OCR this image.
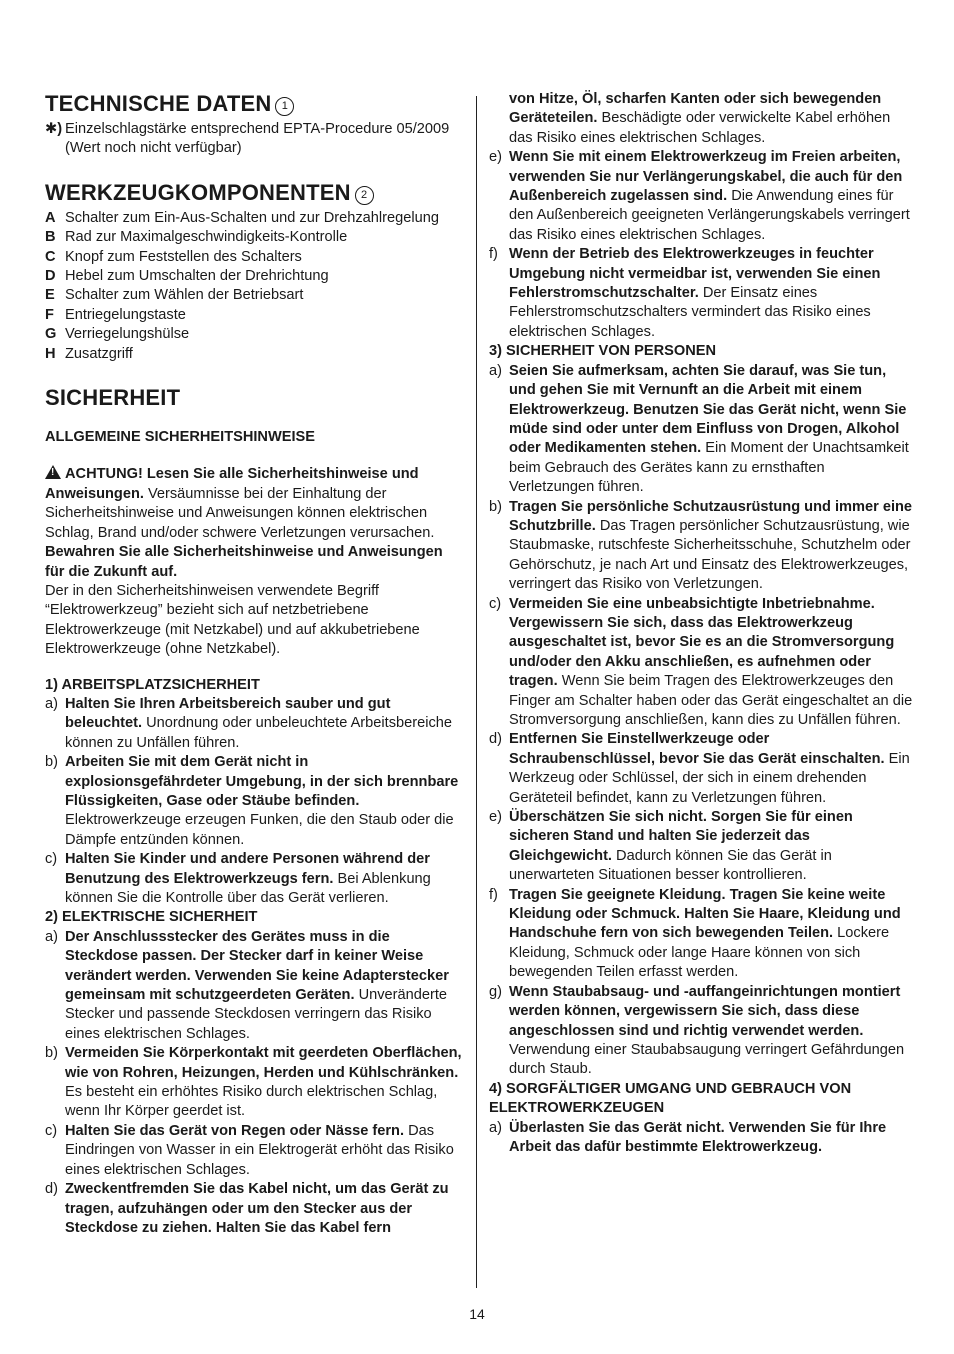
TECHNISCHE DATEN 1
✱) Einzelschlagstärke entsprechend EPTA-Procedure 05/2009 (Wert noch nicht verfügbar)
WERKZEUGKOMPONENTEN 2
A Schalter zum Ein-Aus-Schalten und zur Drehzahlregelung
B Rad zur Maximalgeschwindigkeits-Kontrolle
C Knopf zum Feststellen des Schalters
D Hebel zum Umschalten der Drehrichtung
E Schalter zum Wählen der Betriebsart
F Entriegelungstaste
G Verriegelungshülse
H Zusatzgriff
SICHERHEIT

ALLGEMEINE SICHERHEITSHINWEISE

!ACHTUNG! Lesen Sie alle Sicherheitshinweise und Anweisungen. Versäumnisse bei der Einhaltung der Sicherheitshinweise und Anweisungen können elektrischen Schlag, Brand und/oder schwere Verletzungen verursachen. Bewahren Sie alle Sicherheitshinweise und Anweisungen für die Zukunft auf.

Der in den Sicherheitshinweisen verwendete Begriff “Elektrowerkzeug” bezieht sich auf netzbetriebene Elektrowerkzeuge (mit Netzkabel) und auf akkubetriebene Elektrowerkzeuge (ohne Netzkabel).

1) ARBEITSPLATZSICHERHEIT

a) Halten Sie Ihren Arbeitsbereich sauber und gut beleuchtet. Unordnung oder unbeleuchtete Arbeitsbereiche können zu Unfällen führen.
b) Arbeiten Sie mit dem Gerät nicht in explosionsgefährdeter Umgebung, in der sich brennbare Flüssigkeiten, Gase oder Stäube befinden. Elektrowerkzeuge erzeugen Funken, die den Staub oder die Dämpfe entzünden können.
c) Halten Sie Kinder und andere Personen während der Benutzung des Elektrowerkzeugs fern. Bei Ablenkung können Sie die Kontrolle über das Gerät verlieren.

2) ELEKTRISCHE SICHERHEIT

a) Der Anschlussstecker des Gerätes muss in die Steckdose passen. Der Stecker darf in keiner Weise verändert werden. Verwenden Sie keine Adapterstecker gemeinsam mit schutzgeerdeten Geräten. Unveränderte Stecker und passende Steckdosen verringern das Risiko eines elektrischen Schlages.
b) Vermeiden Sie Körperkontakt mit geerdeten Oberflächen, wie von Rohren, Heizungen, Herden und Kühlschränken. Es besteht ein erhöhtes Risiko durch elektrischen Schlag, wenn Ihr Körper geerdet ist.
c) Halten Sie das Gerät von Regen oder Nässe fern. Das Eindringen von Wasser in ein Elektrogerät erhöht das Risiko eines elektrischen Schlages.
d) Zweckentfremden Sie das Kabel nicht, um das Gerät zu tragen, aufzuhängen oder um den Stecker aus der Steckdose zu ziehen. Halten Sie das Kabel fern
von Hitze, Öl, scharfen Kanten oder sich bewegenden Geräteteilen. Beschädigte oder verwickelte Kabel erhöhen das Risiko eines elektrischen Schlages.
e) Wenn Sie mit einem Elektrowerkzeug im Freien arbeiten, verwenden Sie nur Verlängerungskabel, die auch für den Außenbereich zugelassen sind. Die Anwendung eines für den Außenbereich geeigneten Verlängerungskabels verringert das Risiko eines elektrischen Schlages.
f) Wenn der Betrieb des Elektrowerkzeuges in feuchter Umgebung nicht vermeidbar ist, verwenden Sie einen Fehlerstromschutzschalter. Der Einsatz eines Fehlerstromschutzschalters vermindert das Risiko eines elektrischen Schlages.

3) SICHERHEIT VON PERSONEN

a) Seien Sie aufmerksam, achten Sie darauf, was Sie tun, und gehen Sie mit Vernunft an die Arbeit mit einem Elektrowerkzeug. Benutzen Sie das Gerät nicht, wenn Sie müde sind oder unter dem Einfluss von Drogen, Alkohol oder Medikamenten stehen. Ein Moment der Unachtsamkeit beim Gebrauch des Gerätes kann zu ernsthaften Verletzungen führen.
b) Tragen Sie persönliche Schutzausrüstung und immer eine Schutzbrille. Das Tragen persönlicher Schutzausrüstung, wie Staubmaske, rutschfeste Sicherheitsschuhe, Schutzhelm oder Gehörschutz, je nach Art und Einsatz des Elektrowerkzeuges, verringert das Risiko von Verletzungen.
c) Vermeiden Sie eine unbeabsichtigte Inbetriebnahme. Vergewissern Sie sich, dass das Elektrowerkzeug ausgeschaltet ist, bevor Sie es an die Stromversorgung und/oder den Akku anschließen, es aufnehmen oder tragen. Wenn Sie beim Tragen des Elektrowerkzeuges den Finger am Schalter haben oder das Gerät eingeschaltet an die Stromversorgung anschließen, kann dies zu Unfällen führen.
d) Entfernen Sie Einstellwerkzeuge oder Schraubenschlüssel, bevor Sie das Gerät einschalten. Ein Werkzeug oder Schlüssel, der sich in einem drehenden Geräteteil befindet, kann zu Verletzungen führen.
e) Überschätzen Sie sich nicht. Sorgen Sie für einen sicheren Stand und halten Sie jederzeit das Gleichgewicht. Dadurch können Sie das Gerät in unerwarteten Situationen besser kontrollieren.
f) Tragen Sie geeignete Kleidung. Tragen Sie keine weite Kleidung oder Schmuck. Halten Sie Haare, Kleidung und Handschuhe fern von sich bewegenden Teilen. Lockere Kleidung, Schmuck oder lange Haare können von sich bewegenden Teilen erfasst werden.
g) Wenn Staubabsaug- und -auffangeinrichtungen montiert werden können, vergewissern Sie sich, dass diese angeschlossen sind und richtig verwendet werden. Verwendung einer Staubabsaugung verringert Gefährdungen durch Staub.

4) SORGFÄLTIGER UMGANG UND GEBRAUCH VON ELEKTROWERKZEUGEN

a) Überlasten Sie das Gerät nicht. Verwenden Sie für Ihre Arbeit das dafür bestimmte Elektrowerkzeug.
14
